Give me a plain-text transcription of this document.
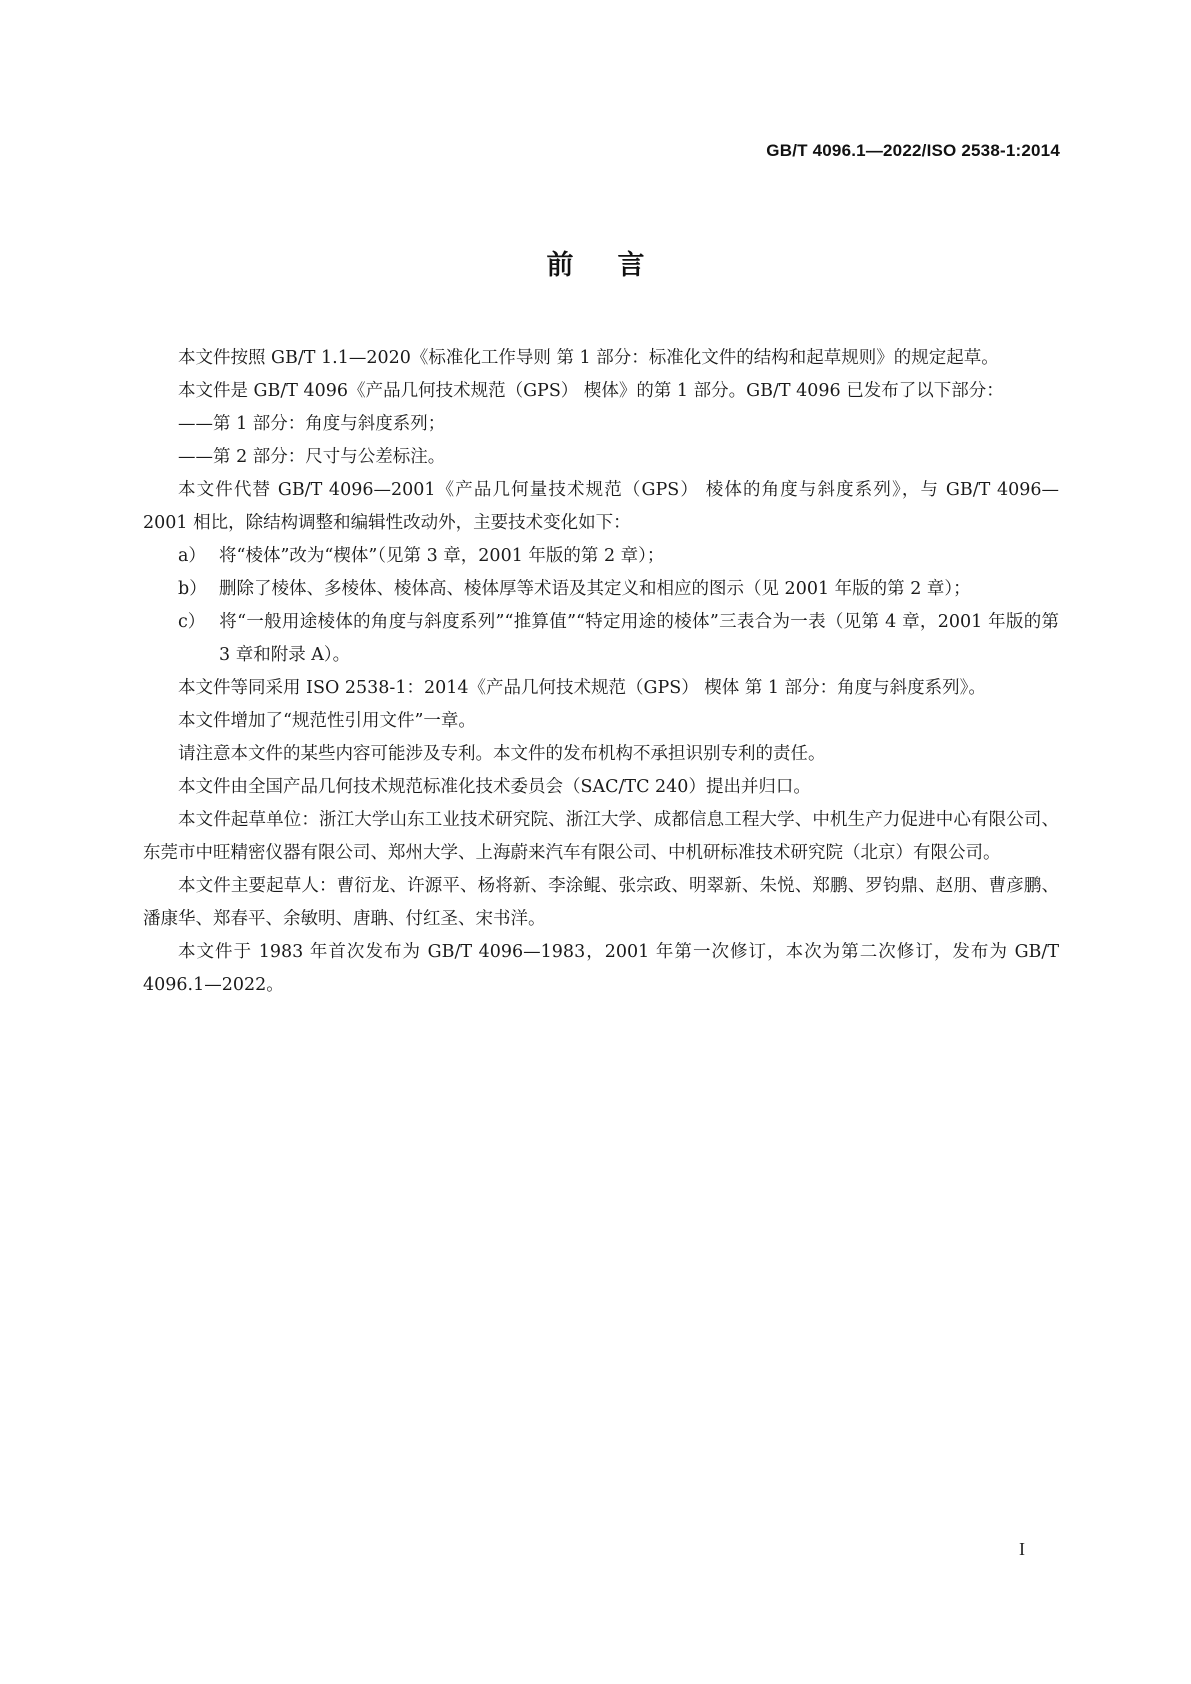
GB/T 4096.1—2022/ISO 2538-1:2014
前言

本文件按照 GB/T 1.1—2020《标准化工作导则 第 1 部分：标准化文件的结构和起草规则》的规定起草。

本文件是 GB/T 4096《产品几何技术规范（GPS） 楔体》的第 1 部分。GB/T 4096 已发布了以下部分：

——第 1 部分：角度与斜度系列；

——第 2 部分：尺寸与公差标注。

本文件代替 GB/T 4096—2001《产品几何量技术规范（GPS） 棱体的角度与斜度系列》，与 GB/T 4096—2001 相比，除结构调整和编辑性改动外，主要技术变化如下：

a） 将“棱体”改为“楔体”（见第 3 章，2001 年版的第 2 章）；

b） 删除了棱体、多棱体、棱体高、棱体厚等术语及其定义和相应的图示（见 2001 年版的第 2 章）；

c） 将“一般用途棱体的角度与斜度系列”“推算值”“特定用途的棱体”三表合为一表（见第 4 章，2001 年版的第 3 章和附录 A）。

本文件等同采用 ISO 2538-1：2014《产品几何技术规范（GPS） 楔体 第 1 部分：角度与斜度系列》。

本文件增加了“规范性引用文件”一章。

请注意本文件的某些内容可能涉及专利。本文件的发布机构不承担识别专利的责任。

本文件由全国产品几何技术规范标准化技术委员会（SAC/TC 240）提出并归口。

本文件起草单位：浙江大学山东工业技术研究院、浙江大学、成都信息工程大学、中机生产力促进中心有限公司、东莞市中旺精密仪器有限公司、郑州大学、上海蔚来汽车有限公司、中机研标准技术研究院（北京）有限公司。

本文件主要起草人：曹衍龙、许源平、杨将新、李涂鲲、张宗政、明翠新、朱悦、郑鹏、罗钧鼎、赵朋、曹彦鹏、潘康华、郑春平、余敏明、唐聃、付红圣、宋书洋。

本文件于 1983 年首次发布为 GB/T 4096—1983，2001 年第一次修订，本次为第二次修订，发布为 GB/T 4096.1—2022。

I
